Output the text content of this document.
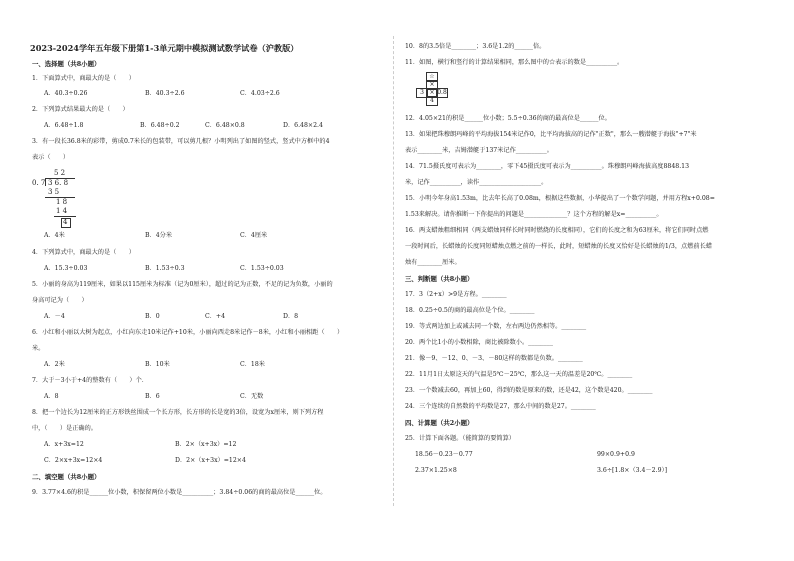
2023-2024学年五年级下册第1-3单元期中模拟测试数学试卷（沪教版）
一、选择题（共8小题）
1．下面算式中，商最大的是（　　）
A．40.3÷0.26	B．40.3÷2.6	C．4.03÷2.6
2．下列算式结果最大的是（　　）
A．6.48÷1.8	B．6.48÷0.2	C．6.48×0.8	D．6.48×2.4
3．有一段长36.8米的彩带，剪成0.7米长的包装带，可以剪几根？小明列出了如图的竖式，竖式中方框中的4
表示（　　）
A．4米	B．4分米	C．4厘米
4．下列算式中，商最大的是（　　）
A．15.3÷0.03	B．1.53÷0.3	C．1.53÷0.03
5．小丽的身高为119厘米，如果以115厘米为标准（记为0厘米），超过的记为正数，不足的记为负数，小丽的
身高可记为（　　）
A．－4	B．0	C．+4	D．8
6．小红和小丽以大树为起点，小红向东走10米记作+10米，小丽向西走8米记作－8米，小红和小丽相距（　　）
米。
A．2米	B．10米	C．18米
7．大于－3小于+4的整数有（　　）个．
A．8	B．6	C．无数
8．把一个边长为12厘米的正方形铁丝围成一个长方形，长方形的长是宽的3倍，设宽为x厘米，则下列方程
中，（　　）是正确的。
A．x+3x=12	B．2×（x+3x）=12
C．2×x+3x=12×4	D．2×（x+3x）=12×4
二、填空题（共8小题）
9．3.77×4.6的积是______位小数，积保留两位小数是__________；3.84÷0.06的商的最高位是______位。
10．8的3.5倍是________；3.6是1.2的______倍。
11．如图，横行和竖行的计算结果相同，那么图中的☆表示的数是__________。
12．4.05×21的积是______位小数；5.5÷0.36的商的最高位是______位。
13．如果把珠穆朗玛峰的平均海拔154米记作0，比平均海拔高的记作"正数"，那么一艘潜艇于海拔"+7"米
表示________米，吉姆潜艇于137米记作__________。
14．71.5摄氏度可表示为________，零下45摄氏度可表示为__________。珠穆朗玛峰海拔高度8848.13
米，记作__________，读作____________________。
15．小明今年身高1.53m，比去年长高了0.08m，根据这些数据，小华提出了一个数学问题，并用方程x+0.08=
1.53来解决。请你推断一下你提出的问题是______________？这个方程的解是x=__________。
16．两支蜡烛粗细相同（两支蜡烛同样长时同时燃烧的长度相同），它们的长度之和为63厘米，将它们同时点燃
一段时间后，长蜡烛的长度同短蜡烛点燃之前的一样长，此时，短蜡烛的长度又恰好是长蜡烛的1/3，点燃前长蜡
烛有________厘米。
三、判断题（共8小题）
17．3（2+x）>9是方程。________
18．0.25÷0.5的商的最高位是个位。________
19．等式两边加上或减去同一个数，左右两边仍然相等。________
20．两个比1小的小数相除，商比被除数小。________
21．像－9、－12、0、－3、－80这样的数都是负数。________
22．11月1日太原这天的气温是5℃－25℃，那么这一天的温差是20℃。________
23．一个数减去60，再加上60，得到的数是原来的数，还是42，这个数是420。________
24．三个连续的自然数的平均数是27，那么中间的数是27。________
四、计算题（共2小题）
25．计算下面各题。（能简算的要简算）
18.56－0.23－0.77	99×0.9+0.9
2.37×1.25×8	3.6÷[1.8×（3.4－2.9）]
5 2
0. 7 3 6. 8
3 5
1 8
1 4
4
☆
×
3 × 0.8
4
